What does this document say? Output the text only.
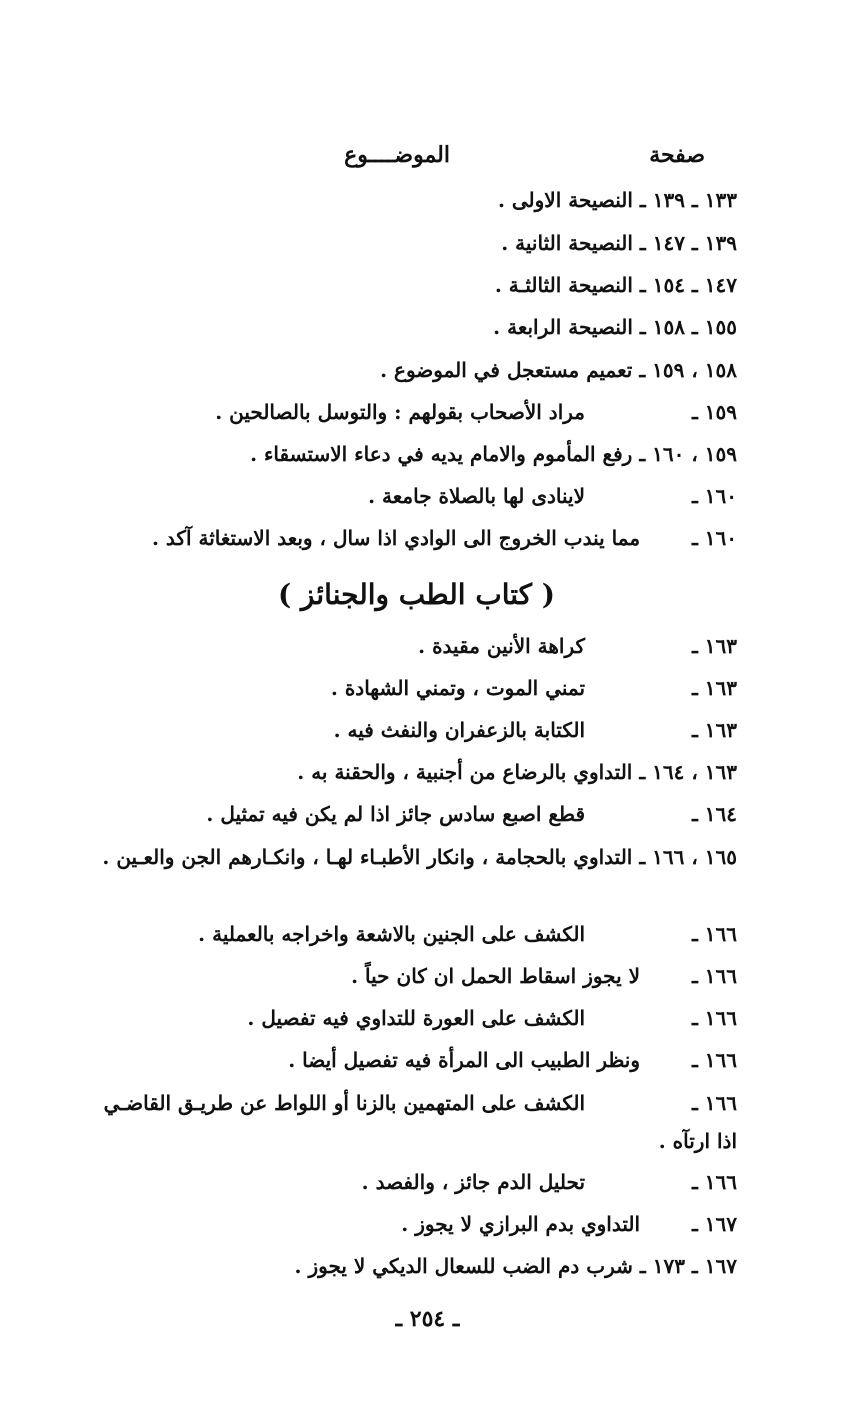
صفحة
الموضــــوع
١٣٣ ـ ١٣٩ ـ النصيحة الاولى .
١٣٩ ـ ١٤٧ ـ النصيحة الثانية .
١٤٧ ـ ١٥٤ ـ النصيحة الثالثـة .
١٥٥ ـ ١٥٨ ـ النصيحة الرابعة .
١٥٨ ، ١٥٩ ـ تعميم مستعجل في الموضوع .
١٥٩ ـ مراد الأصحاب بقولهم : والتوسل بالصالحين .
١٥٩ ، ١٦٠ ـ رفع المأموم والامام يديه في دعاء الاستسقاء .
١٦٠ ـ لاينادى لها بالصلاة جامعة .
١٦٠ ـ مما يندب الخروج الى الوادي اذا سال ، وبعد الاستغاثة آكد .
( كتاب الطب والجنائز )
١٦٣ ـ كراهة الأنين مقيدة .
١٦٣ ـ تمني الموت ، وتمني الشهادة .
١٦٣ ـ الكتابة بالزعفران والنفث فيه .
١٦٣ ، ١٦٤ ـ التداوي بالرضاع من أجنبية ، والحقنة به .
١٦٤ ـ قطع اصبع سادس جائز اذا لم يكن فيه تمثيل .
١٦٥ ، ١٦٦ ـ التداوي بالحجامة ، وانكار الأطبـاء لهـا ، وانكـارهم الجن والعـين .
١٦٦ ـ الكشف على الجنين بالاشعة واخراجه بالعملية .
١٦٦ ـ لا يجوز اسقاط الحمل ان كان حياً .
١٦٦ ـ الكشف على العورة للتداوي فيه تفصيل .
١٦٦ ـ ونظر الطبيب الى المرأة فيه تفصيل أيضا .
١٦٦ ـ الكشف على المتهمين بالزنا أو اللواط عن طريـق القاضـي اذا ارتآه .
١٦٦ ـ تحليل الدم جائز ، والفصد .
١٦٧ ـ التداوي بدم البرازي لا يجوز .
١٦٧ ـ ١٧٣ ـ شرب دم الضب للسعال الديكي لا يجوز .
ـ ٢٥٤ ـ
